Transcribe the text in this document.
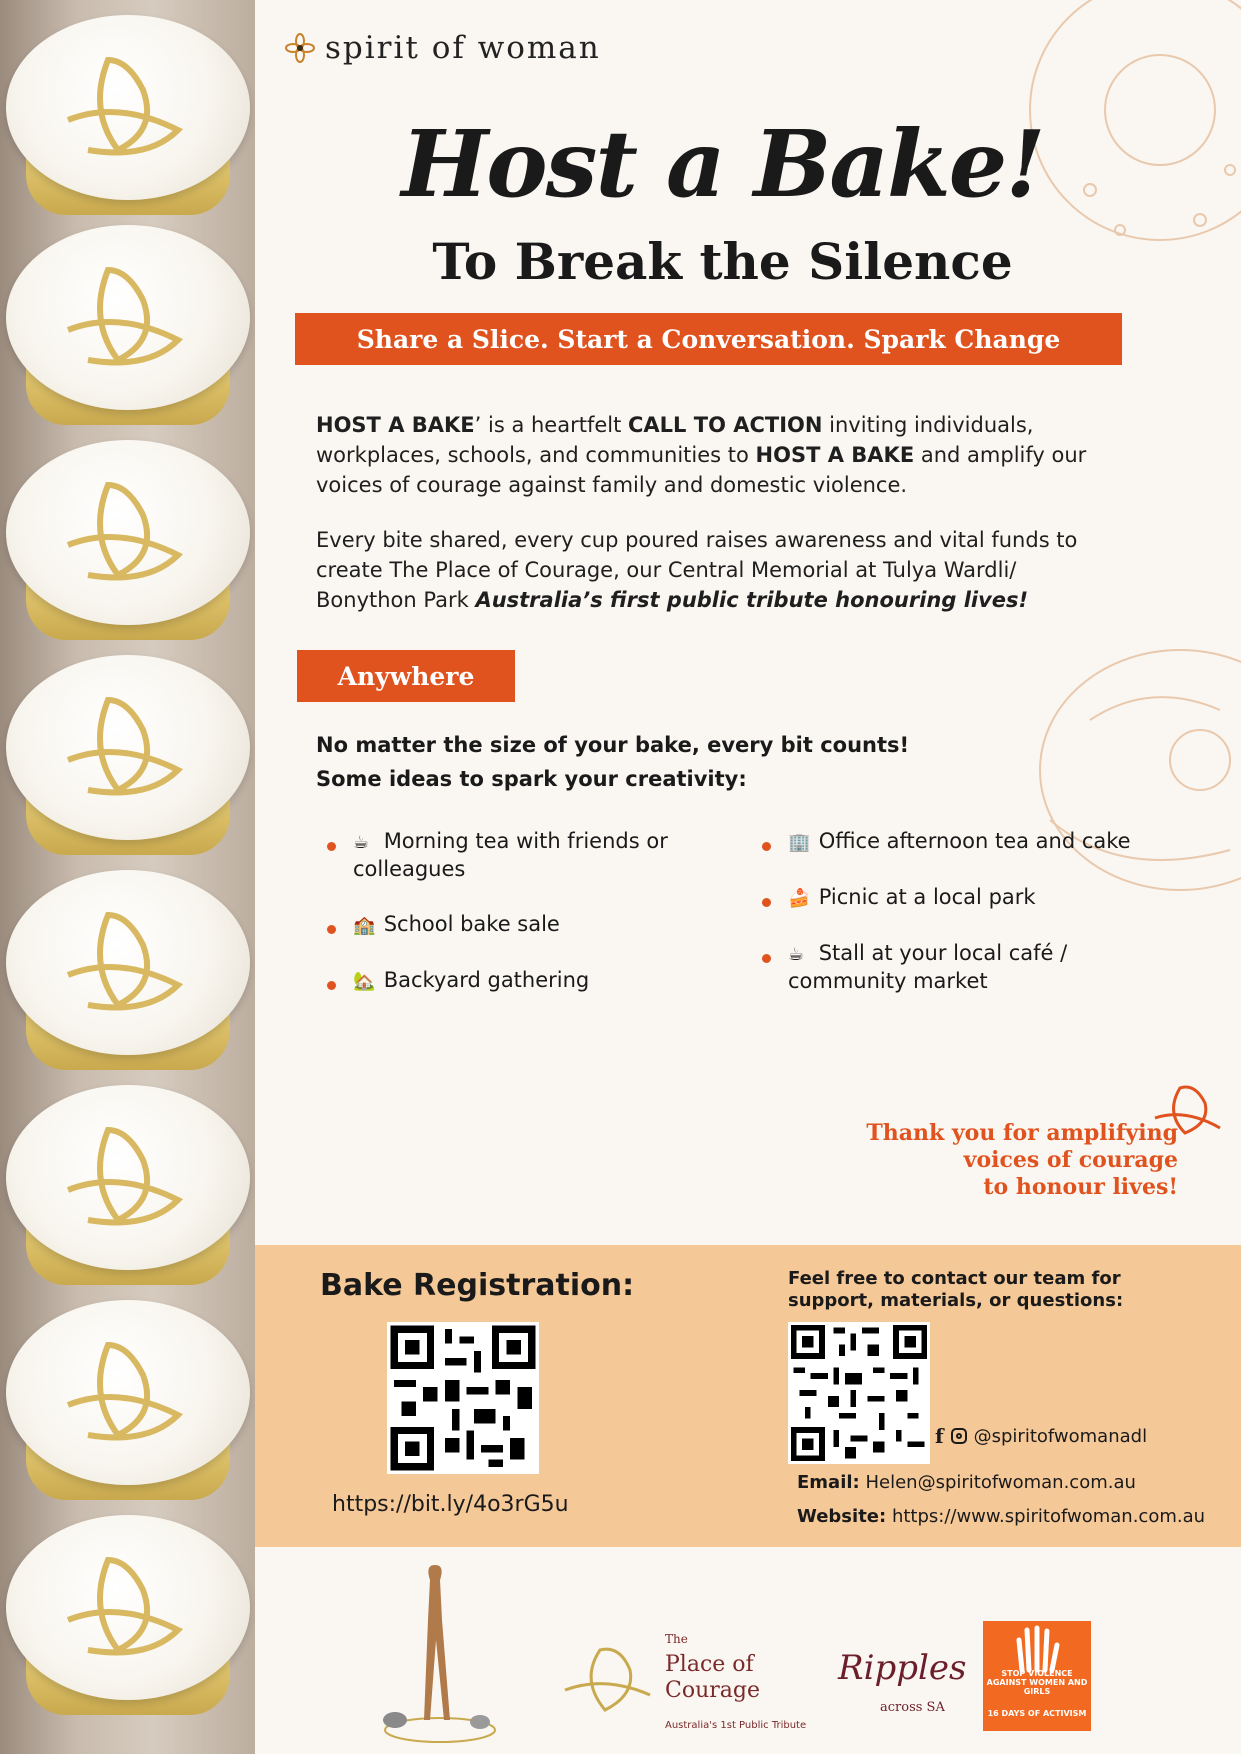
spirit of woman
Host a Bake!
To Break the Silence
Share a Slice. Start a Conversation. Spark Change
HOST A BAKE’ is a heartfelt CALL TO ACTION inviting individuals, workplaces, schools, and communities to HOST A BAKE and amplify our voices of courage against family and domestic violence.
Every bite shared, every cup poured raises awareness and vital funds to create The Place of Courage, our Central Memorial at Tulya Wardli/ Bonython Park Australia’s first public tribute honouring lives!
Anywhere
No matter the size of your bake, every bit counts!
Some ideas to spark your creativity:
☕ Morning tea with friends or colleagues
🏫 School bake sale
🏡 Backyard gathering
🏢 Office afternoon tea and cake
🍰 Picnic at a local park
☕ Stall at your local café / community market
Thank you for amplifying
voices of courage
to honour lives!
Bake Registration:
https://bit.ly/4o3rG5u
Feel free to contact our team for support, materials, or questions:
f @spiritofwomanadl
Email: Helen@spiritofwoman.com.au
Website: https://www.spiritofwoman.com.au
The
Place of
Courage
Australia's 1st Public Tribute
Ripples
across SA
STOP VIOLENCE AGAINST WOMEN AND GIRLS
16 DAYS OF ACTIVISM
